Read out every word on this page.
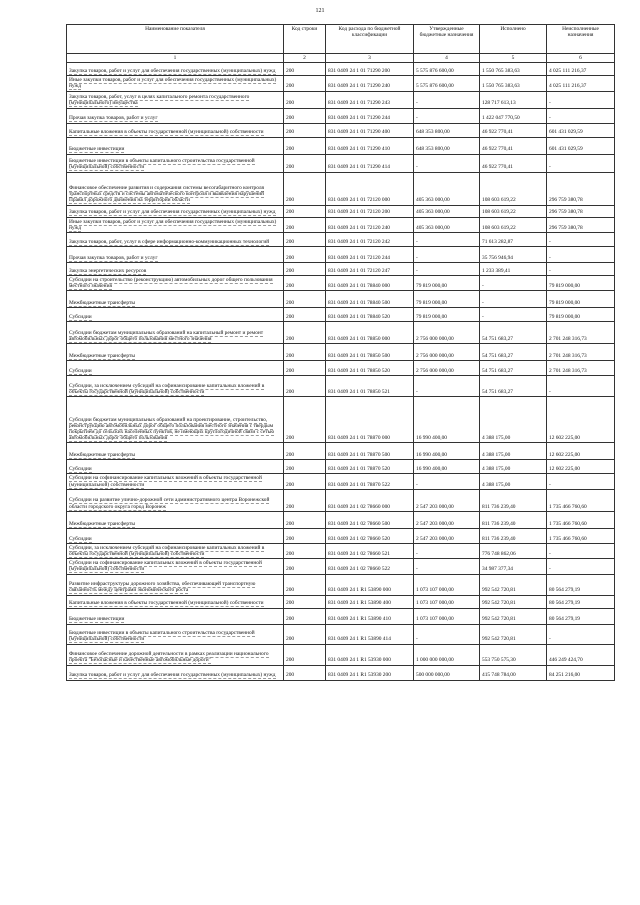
121
Наименование показателя	Код строки	Код расхода по бюджетной классификации	Утвержденные бюджетные назначения	Исполнено	Неисполненные назначения
1	2	3	4	5	6
Закупка товаров, работ и услуг для обеспечения государственных (муниципальных) нужд	200	831 0409 24 1 01 71290 200	5 575 876 600,00	1 550 765 383,63	4 025 111 216,37
Иные закупки товаров, работ и услуг для обеспечения государственных (муниципальных) нужд	200	831 0409 24 1 01 71290 240	5 575 876 600,00	1 550 765 383,63	4 025 111 216,37
Закупка товаров, работ, услуг в целях капитального ремонта государственного (муниципального) имущества	200	831 0409 24 1 01 71290 243	-	128 717 613,13	-
Прочая закупка товаров, работ и услуг	200	831 0409 24 1 01 71290 244	-	1 422 047 770,50	-
Капитальные вложения в объекты государственной (муниципальной) собственности	200	831 0409 24 1 01 71290 400	648 353 800,00	46 922 770,41	601 431 029,59
Бюджетные инвестиции	200	831 0409 24 1 01 71290 410	648 353 800,00	46 922 770,41	601 431 029,59
Бюджетные инвестиции в объекты капитального строительства государственной (муниципальной) собственности	200	831 0409 24 1 01 71290 414	-	46 922 770,41	-
Финансовое обеспечение развития и содержания системы весогабаритного контроля транспортных средств и системы автоматического контроля и выявления нарушений Правил дорожного движения на территории области	200	831 0409 24 1 01 72120 000	405 363 000,00	108 603 619,22	296 759 380,78
Закупка товаров, работ и услуг для обеспечения государственных (муниципальных) нужд	200	831 0409 24 1 01 72120 200	405 363 000,00	108 603 619,22	296 759 380,78
Иные закупки товаров, работ и услуг для обеспечения государственных (муниципальных) нужд	200	831 0409 24 1 01 72120 240	405 363 000,00	108 603 619,22	296 759 380,78
Закупка товаров, работ, услуг в сфере информационно-коммуникационных технологий	200	831 0409 24 1 01 72120 242	-	71 613 282,87	-
Прочая закупка товаров, работ и услуг	200	831 0409 24 1 01 72120 244	-	35 756 946,94	-
Закупка энергетических ресурсов	200	831 0409 24 1 01 72120 247	-	1 233 389,41	-
Субсидии на строительство (реконструкцию) автомобильных дорог общего пользования местного значения	200	831 0409 24 1 01 78840 000	79 819 000,00	-	79 819 000,00
Межбюджетные трансферты	200	831 0409 24 1 01 78840 500	79 819 000,00	-	79 819 000,00
Субсидии	200	831 0409 24 1 01 78840 520	79 819 000,00	-	79 819 000,00
Субсидии бюджетам муниципальных образований на капитальный ремонт и ремонт автомобильных дорог общего пользования местного значения	200	831 0409 24 1 01 78850 000	2 756 000 000,00	54 751 683,27	2 701 248 316,73
Межбюджетные трансферты	200	831 0409 24 1 01 78850 500	2 756 000 000,00	54 751 683,27	2 701 248 316,73
Субсидии	200	831 0409 24 1 01 78850 520	2 756 000 000,00	54 751 683,27	2 701 248 316,73
Субсидии, за исключением субсидий на софинансирование капитальных вложений в объекты государственной (муниципальной) собственности	200	831 0409 24 1 01 78850 521	-	54 751 683,27	-
Субсидии бюджетам муниципальных образований на проектирование, строительство, реконструкцию автомобильных дорог общего пользования местного значения с твердым покрытием до сельских населенных пунктов, не имеющих круглогодичной связи с сетью автомобильных дорог общего пользования	200	831 0409 24 1 01 78870 000	16 990 400,00	4 388 175,00	12 602 225,00
Межбюджетные трансферты	200	831 0409 24 1 01 78870 500	16 990 400,00	4 388 175,00	12 602 225,00
Субсидии	200	831 0409 24 1 01 78870 520	16 990 400,00	4 388 175,00	12 602 225,00
Субсидии на софинансирование капитальных вложений в объекты государственной (муниципальной) собственности	200	831 0409 24 1 01 78870 522	-	4 388 175,00	-
Субсидии на развитие улично-дорожной сети административного центра Воронежской области городского округа город Воронеж	200	831 0409 24 1 02 78660 000	2 547 203 000,00	811 736 239,40	1 735 466 760,60
Межбюджетные трансферты	200	831 0409 24 1 02 78660 500	2 547 203 000,00	811 736 239,40	1 735 466 760,60
Субсидии	200	831 0409 24 1 02 78660 520	2 547 203 000,00	811 736 239,40	1 735 466 760,60
Субсидии, за исключением субсидий на софинансирование капитальных вложений в объекты государственной (муниципальной) собственности	200	831 0409 24 1 02 78660 521	-	776 748 862,06	-
Субсидии на софинансирование капитальных вложений в объекты государственной (муниципальной) собственности	200	831 0409 24 1 02 78660 522	-	34 987 377,34	-
Развитие инфраструктуры дорожного хозяйства, обеспечивающей транспортную связанность между центрами экономического роста	200	831 0409 24 1 R1 53890 000	1 073 107 000,00	992 542 720,81	80 564 279,19
Капитальные вложения в объекты государственной (муниципальной) собственности	200	831 0409 24 1 R1 53890 400	1 073 107 000,00	992 542 720,81	80 564 279,19
Бюджетные инвестиции	200	831 0409 24 1 R1 53890 410	1 073 107 000,00	992 542 720,81	80 564 279,19
Бюджетные инвестиции в объекты капитального строительства государственной (муниципальной) собственности	200	831 0409 24 1 R1 53890 414	-	992 542 720,81	-
Финансовое обеспечение дорожной деятельности в рамках реализации национального проекта "Безопасные и качественные автомобильные дороги"	200	831 0409 24 1 R1 53930 000	1 000 000 000,00	553 750 575,30	446 249 424,70
Закупка товаров, работ и услуг для обеспечения государственных (муниципальных) нужд	200	831 0409 24 1 R1 53930 200	500 000 000,00	415 748 784,00	84 251 216,00
